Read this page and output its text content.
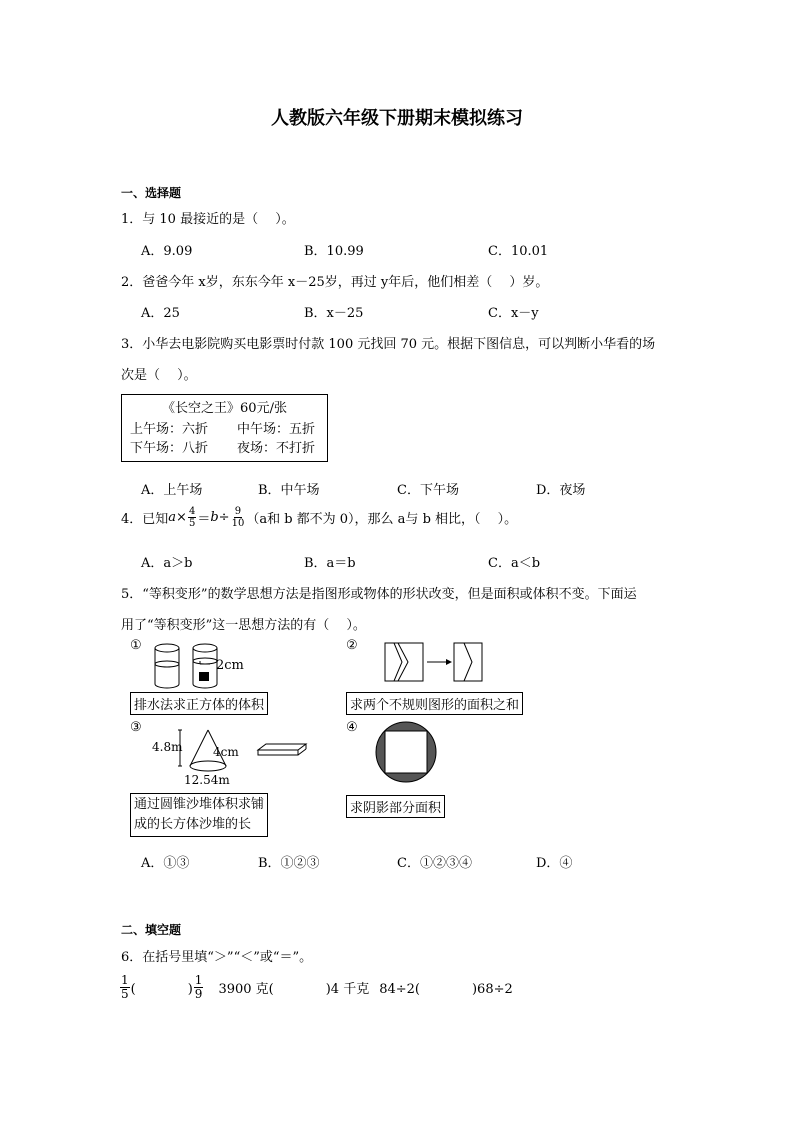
人教版六年级下册期末模拟练习
一、选择题
1．与 10 最接近的是（　 ）。
A．9.09	B．10.99	C．10.01
2．爸爸今年 x岁，东东今年 x－25岁，再过 y年后，他们相差（　 ）岁。
A．25	B．x－25	C．x－y
3．小华去电影院购买电影票时付款 100 元找回 70 元。根据下图信息，可以判断小华看的场
次是（　 ）。
《长空之王》60元/张
上午场：六折 中午场：五折
下午场：八折 夜场：不打折
A．上午场	B．中午场	C．下午场	D．夜场
4．已知 $a \times \frac{4}{5} = b \div \frac{9}{10} (a$和 b 都不为 0），那么 a与 b 相比，（　 ）。
A．a＞b	B．a＝b	C．a＜b
5．“等积变形”的数学思想方法是指图形或物体的形状改变，但是面积或体积不变。下面运
用了“等积变形”这一思想方法的有（　 ）。
①
2cm
排水法求正方体的体积
②
求两个不规则图形的面积之和
③
4.8m	4cm
12.54m
通过圆锥沙堆体积求铺
成的长方体沙堆的长
④
求阴影部分面积
A．①③	B．①②③	C．①②③④	D．④
二、填空题
6．在括号里填“＞”“＜”或“＝”。
$\frac{1}{5}$ (　　　　) $\frac{1}{9} 3900$ 克(　　　　)4 千克 84÷2(　　　　)68÷2
